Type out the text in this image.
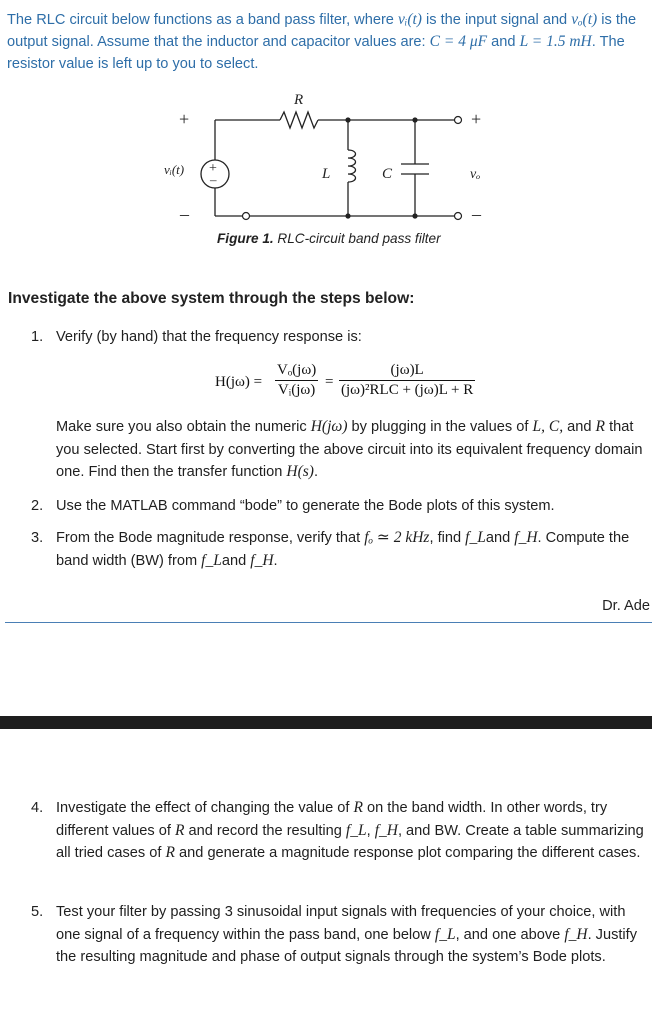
The RLC circuit below functions as a band pass filter, where vᵢ(t) is the input signal and vₒ(t) is the output signal. Assume that the inductor and capacitor values are: C = 4 μF and L = 1.5 mH. The resistor value is left up to you to select.
R
L	C
vᵢ(t)	vₒ
+
–
+
–
+
–
Figure 1. RLC-circuit band pass filter
Investigate the above system through the steps below:
1. Verify (by hand) that the frequency response is:
$H(j\omega) = \frac{\text{Vₒ(jω)}}{\text{Vᵢ(jω)}}$ =
(jω)L
(jω)²RLC + (jω)L + R
Make sure you also obtain the numeric H(jω) by plugging in the values of L, C, and R that you selected. Start first by converting the above circuit into its equivalent frequency domain one. Find then the transfer function H(s).
2. Use the MATLAB command “bode” to generate the Bode plots of this system.
3. From the Bode magnitude response, verify that fₒ ≃ 2 kHz, find f_Land f_H. Compute the band width (BW) from f_Land f_H.
Dr. Ade
4. Investigate the effect of changing the value of R on the band width. In other words, try different values of R and record the resulting f_L, f_H, and BW. Create a table summarizing all tried cases of R and generate a magnitude response plot comparing the different cases.
5. Test your filter by passing 3 sinusoidal input signals with frequencies of your choice, with one signal of a frequency within the pass band, one below f_L, and one above f_H. Justify the resulting magnitude and phase of output signals through the system’s Bode plots.
